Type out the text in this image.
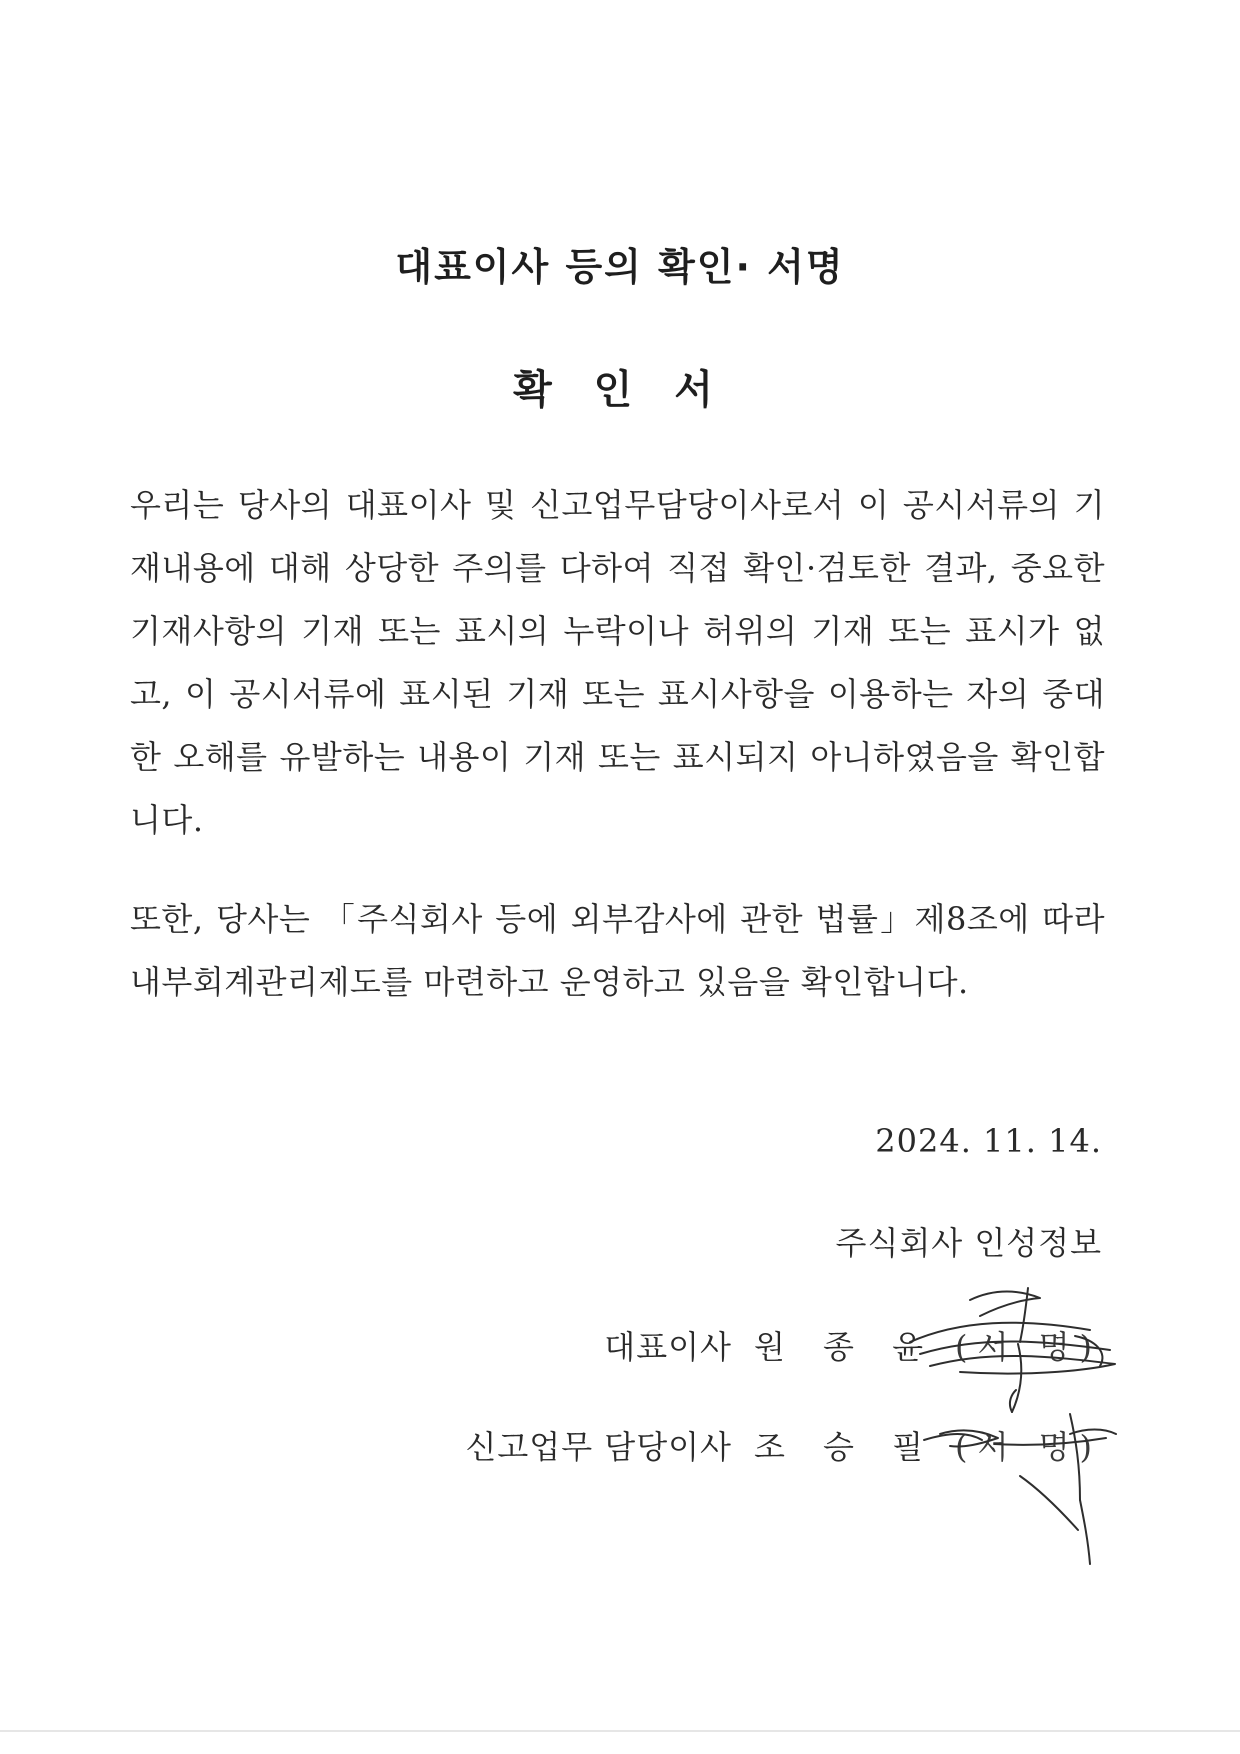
대표이사 등의 확인· 서명
확 인 서

우리는 당사의 대표이사 및 신고업무담당이사로서 이 공시서류의 기재내용에 대해 상당한 주의를 다하여 직접 확인·검토한 결과, 중요한 기재사항의 기재 또는 표시의 누락이나 허위의 기재 또는 표시가 없고, 이 공시서류에 표시된 기재 또는 표시사항을 이용하는 자의 중대한 오해를 유발하는 내용이 기재 또는 표시되지 아니하였음을 확인합니다.

또한, 당사는 「주식회사 등에 외부감사에 관한 법률」제8조에 따라 내부회계관리제도를 마련하고 운영하고 있음을 확인합니다.

2024. 11. 14.

주식회사 인성정보

대표이사 원 종 윤 (서 명)
신고업무 담당이사 조 승 필 (서 명)
